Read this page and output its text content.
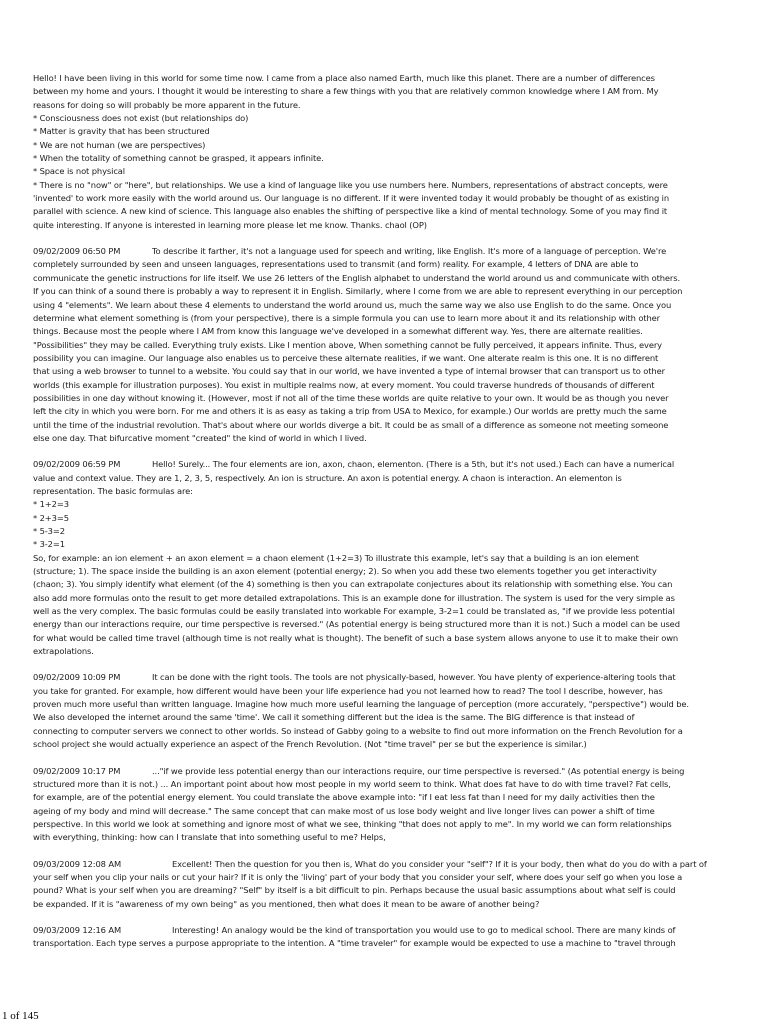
Hello! I have been living in this world for some time now. I came from a place also named Earth, much like this planet. There are a number of differences

between my home and yours. I thought it would be interesting to share a few things with you that are relatively common knowledge where I AM from. My

reasons for doing so will probably be more apparent in the future.

* Consciousness does not exist (but relationships do)

* Matter is gravity that has been structured

* We are not human (we are perspectives)

* When the totality of something cannot be grasped, it appears infinite.

* Space is not physical

* There is no "now" or "here", but relationships. We use a kind of language like you use numbers here. Numbers, representations of abstract concepts, were

'invented' to work more easily with the world around us. Our language is no different. If it were invented today it would probably be thought of as existing in

parallel with science. A new kind of science. This language also enables the shifting of perspective like a kind of mental technology. Some of you may find it

quite interesting. If anyone is interested in learning more please let me know. Thanks. chaol (OP)

09/02/2009 06:50 PM	To describe it farther, it's not a language used for speech and writing, like English. It's more of a language of perception. We're

completely surrounded by seen and unseen languages, representations used to transmit (and form) reality. For example, 4 letters of DNA are able to

communicate the genetic instructions for life itself. We use 26 letters of the English alphabet to understand the world around us and communicate with others.

If you can think of a sound there is probably a way to represent it in English. Similarly, where I come from we are able to represent everything in our perception

using 4 "elements". We learn about these 4 elements to understand the world around us, much the same way we also use English to do the same. Once you

determine what element something is (from your perspective), there is a simple formula you can use to learn more about it and its relationship with other

things. Because most the people where I AM from know this language we've developed in a somewhat different way. Yes, there are alternate realities.

"Possibilities" they may be called. Everything truly exists. Like I mention above, When something cannot be fully perceived, it appears infinite. Thus, every

possibility you can imagine. Our language also enables us to perceive these alternate realities, if we want. One alterate realm is this one. It is no different

that using a web browser to tunnel to a website. You could say that in our world, we have invented a type of internal browser that can transport us to other

worlds (this example for illustration purposes). You exist in multiple realms now, at every moment. You could traverse hundreds of thousands of different

possibilities in one day without knowing it. (However, most if not all of the time these worlds are quite relative to your own. It would be as though you never

left the city in which you were born. For me and others it is as easy as taking a trip from USA to Mexico, for example.) Our worlds are pretty much the same

until the time of the industrial revolution. That's about where our worlds diverge a bit. It could be as small of a difference as someone not meeting someone

else one day. That bifurcative moment "created" the kind of world in which I lived.

09/02/2009 06:59 PM	Hello! Surely... The four elements are ion, axon, chaon, elementon. (There is a 5th, but it's not used.) Each can have a numerical

value and context value. They are 1, 2, 3, 5, respectively. An ion is structure. An axon is potential energy. A chaon is interaction. An elementon is

representation. The basic formulas are:

* 1+2=3

* 2+3=5

* 5-3=2

* 3-2=1

So, for example: an ion element + an axon element = a chaon element (1+2=3) To illustrate this example, let's say that a building is an ion element

(structure; 1). The space inside the building is an axon element (potential energy; 2). So when you add these two elements together you get interactivity

(chaon; 3). You simply identify what element (of the 4) something is then you can extrapolate conjectures about its relationship with something else. You can

also add more formulas onto the result to get more detailed extrapolations. This is an example done for illustration. The system is used for the very simple as

well as the very complex. The basic formulas could be easily translated into workable For example, 3-2=1 could be translated as, "if we provide less potential

energy than our interactions require, our time perspective is reversed." (As potential energy is being structured more than it is not.) Such a model can be used

for what would be called time travel (although time is not really what is thought). The benefit of such a base system allows anyone to use it to make their own

extrapolations.

09/02/2009 10:09 PM	It can be done with the right tools. The tools are not physically-based, however. You have plenty of experience-altering tools that

you take for granted. For example, how different would have been your life experience had you not learned how to read? The tool I describe, however, has

proven much more useful than written language. Imagine how much more useful learning the language of perception (more accurately, "perspective") would be.

We also developed the internet around the same 'time'. We call it something different but the idea is the same. The BIG difference is that instead of

connecting to computer servers we connect to other worlds. So instead of Gabby going to a website to find out more information on the French Revolution for a

school project she would actually experience an aspect of the French Revolution. (Not "time travel" per se but the experience is similar.)

09/02/2009 10:17 PM	..."if we provide less potential energy than our interactions require, our time perspective is reversed." (As potential energy is being

structured more than it is not.) ... An important point about how most people in my world seem to think. What does fat have to do with time travel? Fat cells,

for example, are of the potential energy element. You could translate the above example into: "if I eat less fat than I need for my daily activities then the

ageing of my body and mind will decrease." The same concept that can make most of us lose body weight and live longer lives can power a shift of time

perspective. In this world we look at something and ignore most of what we see, thinking "that does not apply to me". In my world we can form relationships

with everything, thinking: how can I translate that into something useful to me? Helps,

09/03/2009 12:08 AM	Excellent! Then the question for you then is, What do you consider your "self"? If it is your body, then what do you do with a part of

your self when you clip your nails or cut your hair? If it is only the 'living' part of your body that you consider your self, where does your self go when you lose a

pound? What is your self when you are dreaming? "Self" by itself is a bit difficult to pin. Perhaps because the usual basic assumptions about what self is could

be expanded. If it is "awareness of my own being" as you mentioned, then what does it mean to be aware of another being?

09/03/2009 12:16 AM	Interesting! An analogy would be the kind of transportation you would use to go to medical school. There are many kinds of

transportation. Each type serves a purpose appropriate to the intention. A "time traveler" for example would be expected to use a machine to "travel through

1 of 145
